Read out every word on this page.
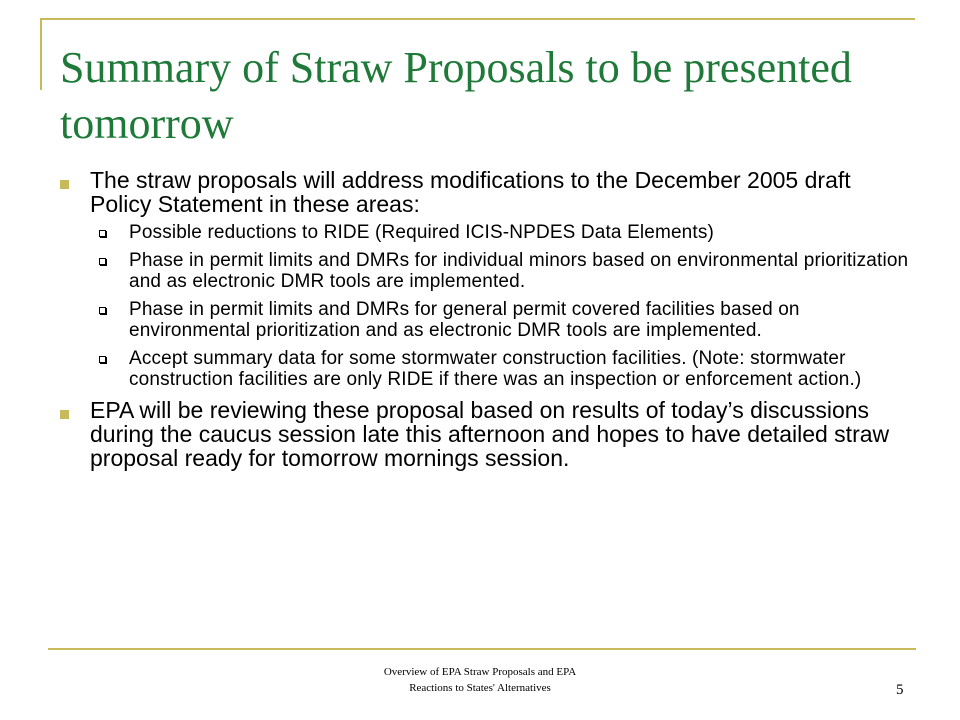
Summary of Straw Proposals to be presented tomorrow
The straw proposals will address modifications to the December 2005 draft Policy Statement in these areas:
Possible reductions to RIDE (Required ICIS-NPDES Data Elements)
Phase in permit limits and DMRs for individual minors based on environmental prioritization and as electronic DMR tools are implemented.
Phase in permit limits and DMRs for general permit covered facilities based on environmental prioritization and as electronic DMR tools are implemented.
Accept summary data for some stormwater construction facilities. (Note: stormwater construction facilities are only RIDE if there was an inspection or enforcement action.)
EPA will be reviewing these proposal based on results of today’s discussions during the caucus session late this afternoon and hopes to have detailed straw proposal ready for tomorrow mornings session.
Overview of EPA Straw Proposals and EPA
Reactions to States' Alternatives	5
